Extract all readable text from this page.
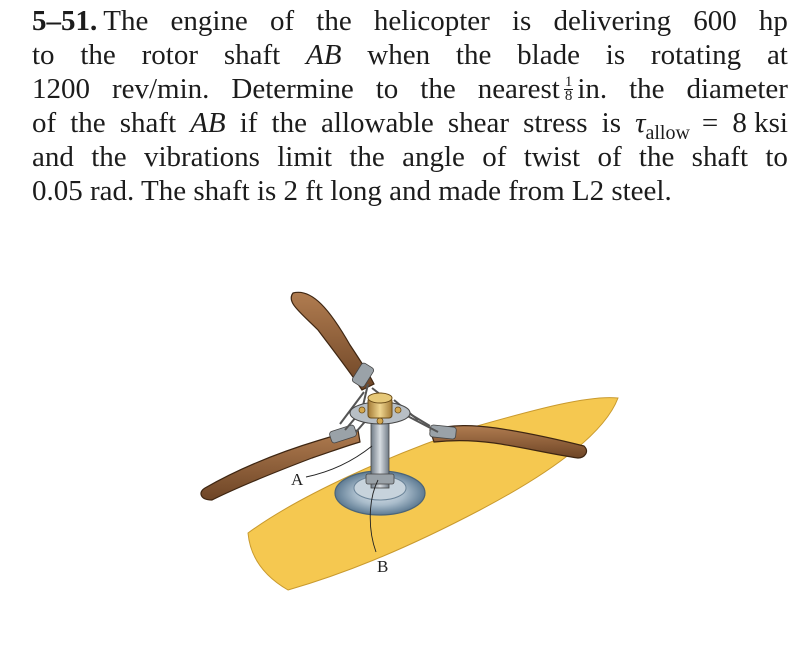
5–51. The engine of the helicopter is delivering 600 hp
to the rotor shaft AB when the blade is rotating at
1200 rev/min. Determine to the nearest $\frac{1}{8}$ in. the diameter
of the shaft AB if the allowable shear stress is $\tau_{allow} = 8$ ksi
and the vibrations limit the angle of twist of the shaft to
0.05 rad. The shaft is 2 ft long and made from L2 steel.
A
B
